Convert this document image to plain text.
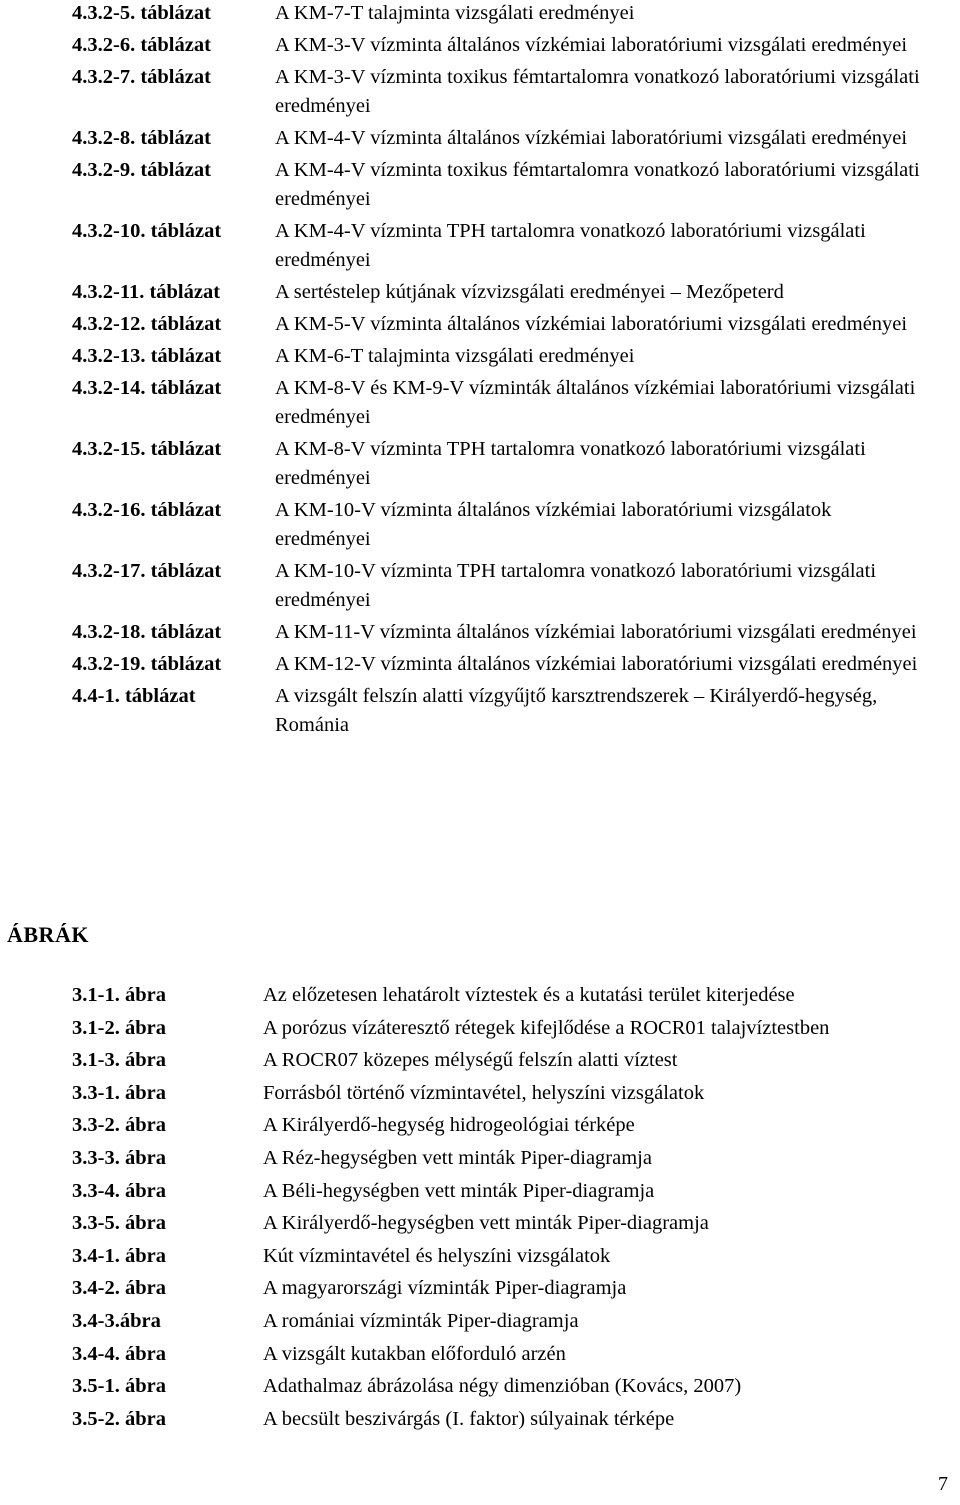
4.3.2-5. táblázat	A KM-7-T talajminta vizsgálati eredményei
4.3.2-6. táblázat	A KM-3-V vízminta általános vízkémiai laboratóriumi vizsgálati eredményei
4.3.2-7. táblázat	A KM-3-V vízminta toxikus fémtartalomra vonatkozó laboratóriumi vizsgálati eredményei
4.3.2-8. táblázat	A KM-4-V vízminta általános vízkémiai laboratóriumi vizsgálati eredményei
4.3.2-9. táblázat	A KM-4-V vízminta toxikus fémtartalomra vonatkozó laboratóriumi vizsgálati eredményei
4.3.2-10. táblázat	A KM-4-V vízminta TPH tartalomra vonatkozó laboratóriumi vizsgálati eredményei
4.3.2-11. táblázat	A sertéstelep kútjának vízvizsgálati eredményei – Mezőpeterd
4.3.2-12. táblázat	A KM-5-V vízminta általános vízkémiai laboratóriumi vizsgálati eredményei
4.3.2-13. táblázat	A KM-6-T talajminta vizsgálati eredményei
4.3.2-14. táblázat	A KM-8-V és KM-9-V vízminták általános vízkémiai laboratóriumi vizsgálati eredményei
4.3.2-15. táblázat	A KM-8-V vízminta TPH tartalomra vonatkozó laboratóriumi vizsgálati eredményei
4.3.2-16. táblázat	A KM-10-V vízminta általános vízkémiai laboratóriumi vizsgálatok eredményei
4.3.2-17. táblázat	A KM-10-V vízminta TPH tartalomra vonatkozó laboratóriumi vizsgálati eredményei
4.3.2-18. táblázat	A KM-11-V vízminta általános vízkémiai laboratóriumi vizsgálati eredményei
4.3.2-19. táblázat	A KM-12-V vízminta általános vízkémiai laboratóriumi vizsgálati eredményei
4.4-1. táblázat	A vizsgált felszín alatti vízgyűjtő karsztrendszerek – Királyerdő-hegység, Románia
ÁBRÁK
3.1-1. ábra	Az előzetesen lehatárolt víztestek és a kutatási terület kiterjedése
3.1-2. ábra	A porózus vízáteresztő rétegek kifejlődése a ROCR01 talajvíztestben
3.1-3. ábra	A ROCR07 közepes mélységű felszín alatti víztest
3.3-1. ábra	Forrásból történő vízmintavétel, helyszíni vizsgálatok
3.3-2. ábra	A Királyerdő-hegység hidrogeológiai térképe
3.3-3. ábra	A Réz-hegységben vett minták Piper-diagramja
3.3-4. ábra	A Béli-hegységben vett minták Piper-diagramja
3.3-5. ábra	A Királyerdő-hegységben vett minták Piper-diagramja
3.4-1. ábra	Kút vízmintavétel és helyszíni vizsgálatok
3.4-2. ábra	A magyarországi vízminták Piper-diagramja
3.4-3.ábra	A romániai vízminták Piper-diagramja
3.4-4. ábra	A vizsgált kutakban előforduló arzén
3.5-1. ábra	Adathalmaz ábrázolása négy dimenzióban (Kovács, 2007)
3.5-2. ábra	A becsült beszivárgás (I. faktor) súlyainak térképe
7
